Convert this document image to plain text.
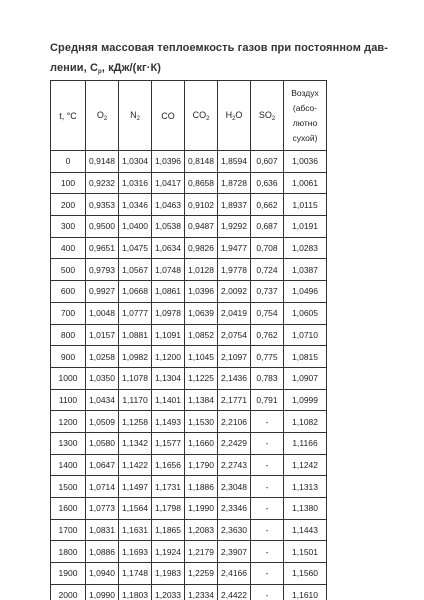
Средняя массовая теплоемкость газов при постоянном дав-
лении, $C_p$, кДж/(кг·К)
t, °C	$O_2$	$N_2$	CO	$CO_2$	$H_2O$	$SO_2$	Воздух (абсо-лютно сухой)
0	0,9148	1,0304	1,0396	0,8148	1,8594	0,607	1,0036
100	0,9232	1,0316	1,0417	0,8658	1,8728	0,636	1,0061
200	0,9353	1,0346	1,0463	0,9102	1,8937	0,662	1,0115
300	0,9500	1,0400	1,0538	0,9487	1,9292	0,687	1,0191
400	0,9651	1,0475	1,0634	0,9826	1,9477	0,708	1,0283
500	0,9793	1,0567	1,0748	1,0128	1,9778	0,724	1,0387
600	0,9927	1,0668	1,0861	1,0396	2,0092	0,737	1,0496
700	1,0048	1,0777	1,0978	1,0639	2,0419	0,754	1,0605
800	1,0157	1,0881	1,1091	1,0852	2,0754	0,762	1,0710
900	1,0258	1,0982	1,1200	1,1045	2,1097	0,775	1,0815
1000	1,0350	1,1078	1,1304	1,1225	2,1436	0,783	1,0907
1100	1,0434	1,1170	1,1401	1,1384	2,1771	0,791	1,0999
1200	1,0509	1,1258	1,1493	1,1530	2,2106	-	1,1082
1300	1,0580	1,1342	1,1577	1,1660	2,2429	-	1,1166
1400	1,0647	1,1422	1,1656	1,1790	2,2743	-	1,1242
1500	1,0714	1,1497	1,1731	1,1886	2,3048	-	1,1313
1600	1,0773	1,1564	1,1798	1,1990	2,3346	-	1,1380
1700	1,0831	1,1631	1,1865	1,2083	2,3630	-	1,1443
1800	1,0886	1,1693	1,1924	1,2179	2,3907	-	1,1501
1900	1,0940	1,1748	1,1983	1,2259	2,4166	-	1,1560
2000	1,0990	1,1803	1,2033	1,2334	2,4422	-	1,1610
